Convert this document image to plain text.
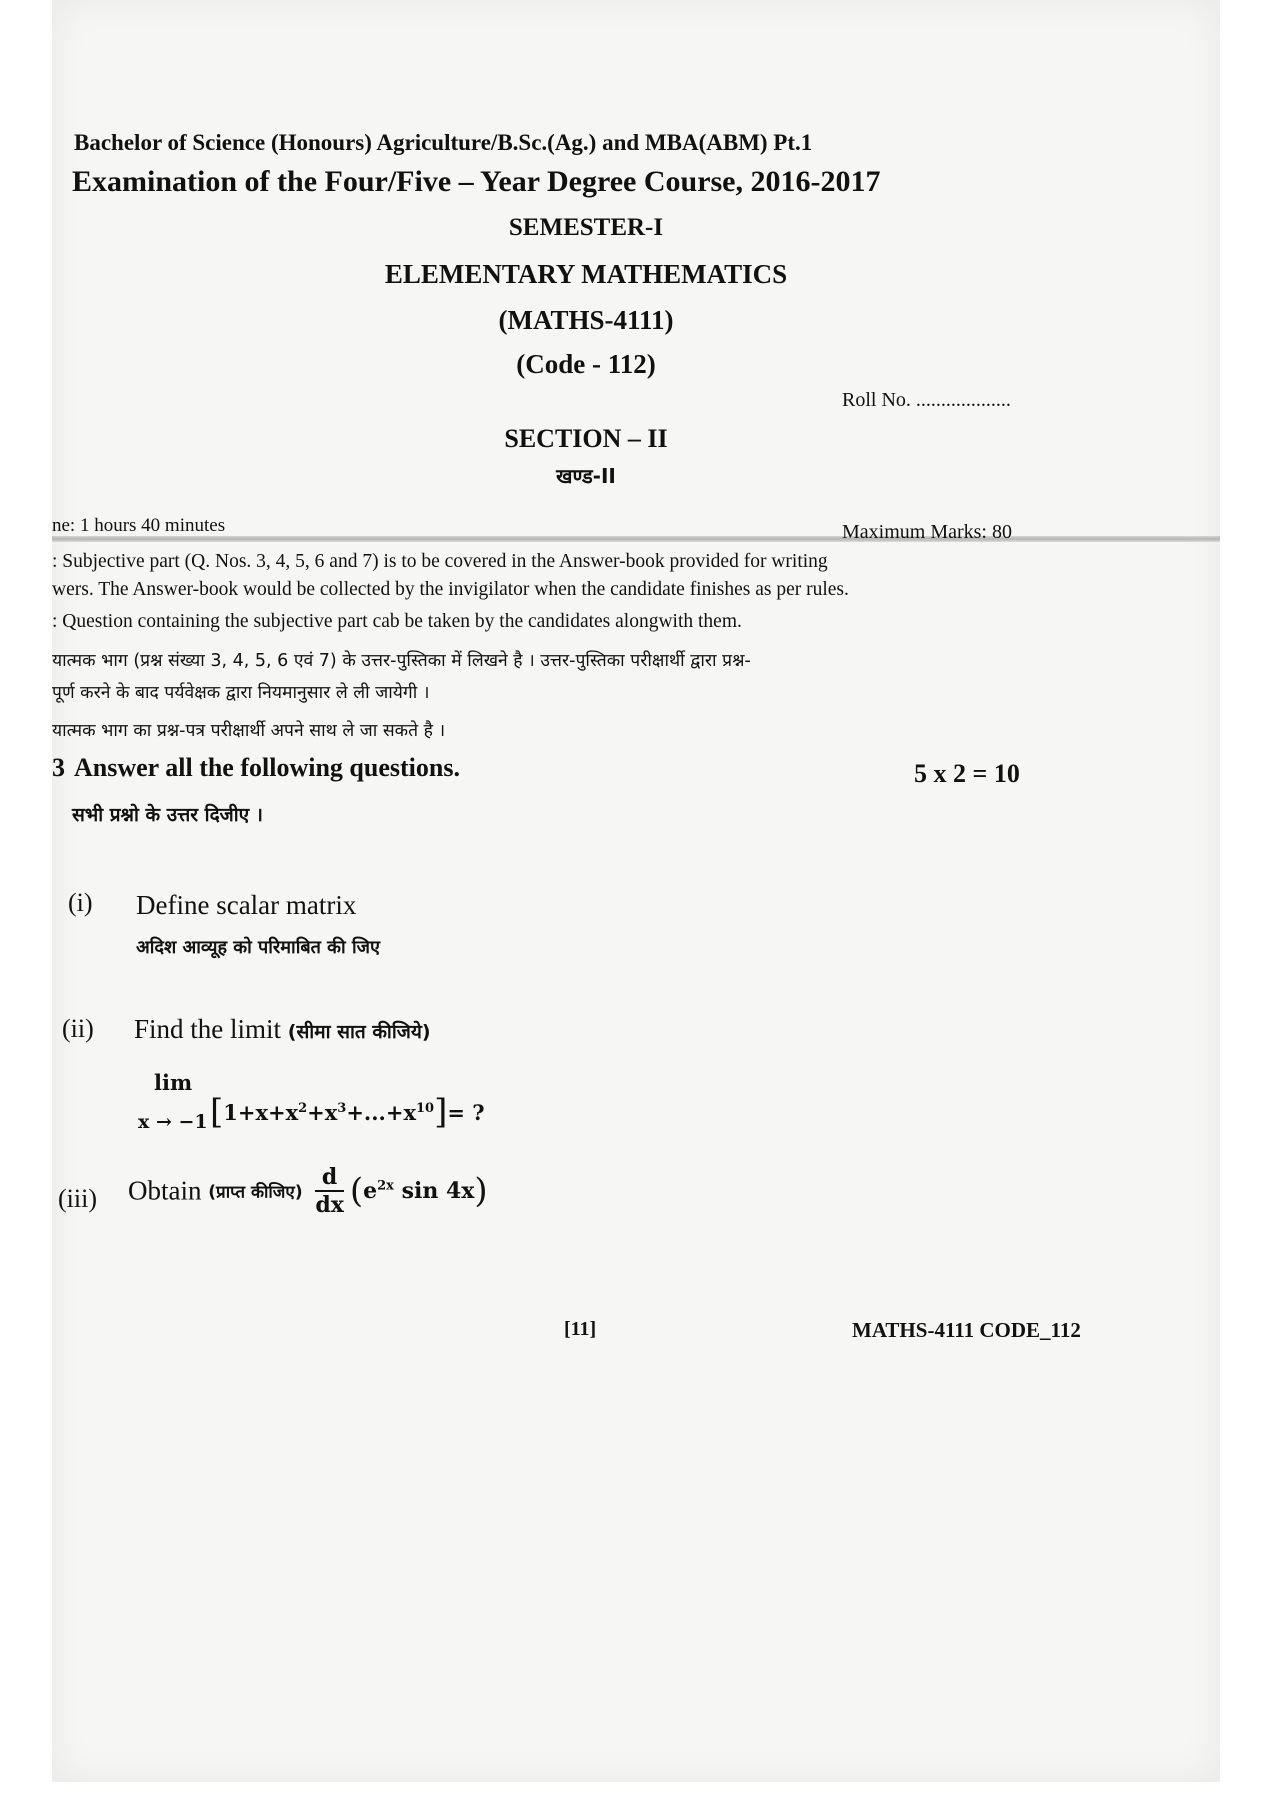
Bachelor of Science (Honours) Agriculture/B.Sc.(Ag.) and MBA(ABM) Pt.1
Examination of the Four/Five – Year Degree Course, 2016-2017
SEMESTER-I
ELEMENTARY MATHEMATICS
(MATHS-4111)
(Code - 112)
Roll No. ...................
SECTION – II
खण्ड-II
ne: 1 hours 40 minutes	Maximum Marks: 80
: Subjective part (Q. Nos. 3, 4, 5, 6 and 7) is to be covered in the Answer-book provided for writing
wers. The Answer-book would be collected by the invigilator when the candidate finishes as per rules.
: Question containing the subjective part cab be taken by the candidates alongwith them.
यात्मक भाग (प्रश्न संख्या 3, 4, 5, 6 एवं 7) के उत्तर-पुस्तिका में लिखने है । उत्तर-पुस्तिका परीक्षार्थी द्वारा प्रश्न-
पूर्ण करने के बाद पर्यवेक्षक द्वारा नियमानुसार ले ली जायेगी ।
यात्मक भाग का प्रश्न-पत्र परीक्षार्थी अपने साथ ले जा सकते है ।
3 Answer all the following questions.	5 x 2 = 10
सभी प्रश्नो के उत्तर दिजीए ।
(i) Define scalar matrix
अदिश आव्यूह को परिमाबित की जिए
(ii) Find the limit (सीमा सात कीजिये)
lim
x → −1 $[1+x+x^2+x^3+...+x^{10}]=$ ?
(iii) Obtain (प्राप्त कीजिए) $\frac{d}{dx} (e^{2x}$ sin 4x)
[11]	MATHS-4111 CODE_112
